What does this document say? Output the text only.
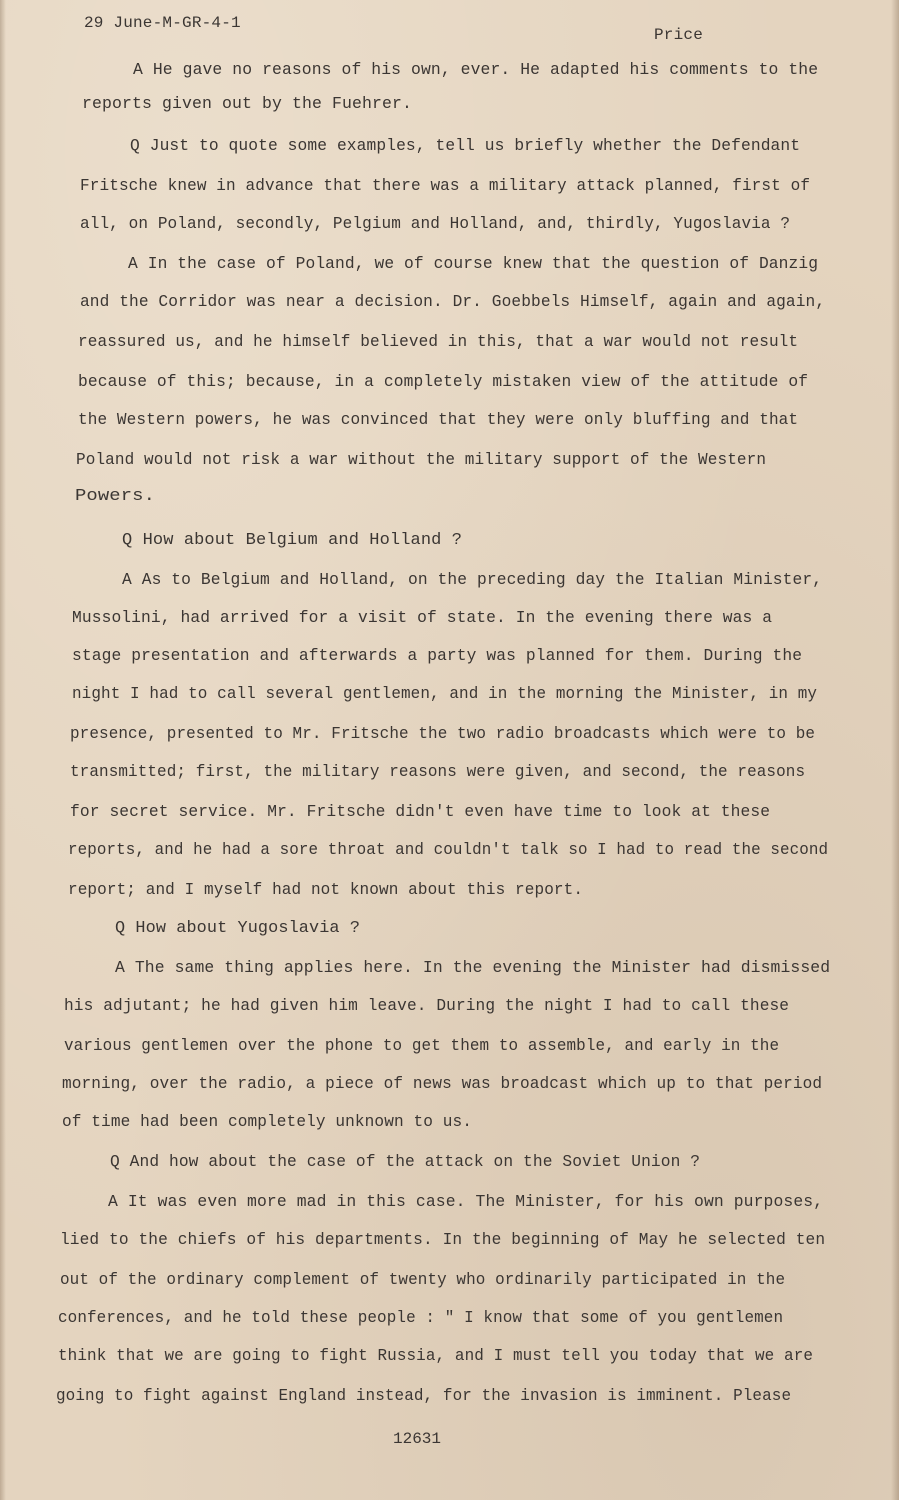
29 June-M-GR-4-1
Price
A He gave no reasons of his own, ever. He adapted his comments to the
reports given out by the Fuehrer.
Q Just to quote some examples, tell us briefly whether the Defendant
Fritsche knew in advance that there was a military attack planned, first of
all, on Poland, secondly, Pelgium and Holland, and, thirdly, Yugoslavia ?
A In the case of Poland, we of course knew that the question of Danzig
and the Corridor was near a decision. Dr. Goebbels Himself, again and again,
reassured us, and he himself believed in this, that a war would not result
because of this; because, in a completely mistaken view of the attitude of
the Western powers, he was convinced that they were only bluffing and that
Poland would not risk a war without the military support of the Western
Powers.
Q How about Belgium and Holland ?
A As to Belgium and Holland, on the preceding day the Italian Minister,
Mussolini, had arrived for a visit of state. In the evening there was a
stage presentation and afterwards a party was planned for them. During the
night I had to call several gentlemen, and in the morning the Minister, in my
presence, presented to Mr. Fritsche the two radio broadcasts which were to be
transmitted; first, the military reasons were given, and second, the reasons
for secret service. Mr. Fritsche didn't even have time to look at these
reports, and he had a sore throat and couldn't talk so I had to read the second
report; and I myself had not known about this report.
Q How about Yugoslavia ?
A The same thing applies here. In the evening the Minister had dismissed
his adjutant; he had given him leave. During the night I had to call these
various gentlemen over the phone to get them to assemble, and early in the
morning, over the radio, a piece of news was broadcast which up to that period
of time had been completely unknown to us.
Q And how about the case of the attack on the Soviet Union ?
A It was even more mad in this case. The Minister, for his own purposes,
lied to the chiefs of his departments. In the beginning of May he selected ten
out of the ordinary complement of twenty who ordinarily participated in the
conferences, and he told these people : " I know that some of you gentlemen
think that we are going to fight Russia, and I must tell you today that we are
going to fight against England instead, for the invasion is imminent. Please
12631
